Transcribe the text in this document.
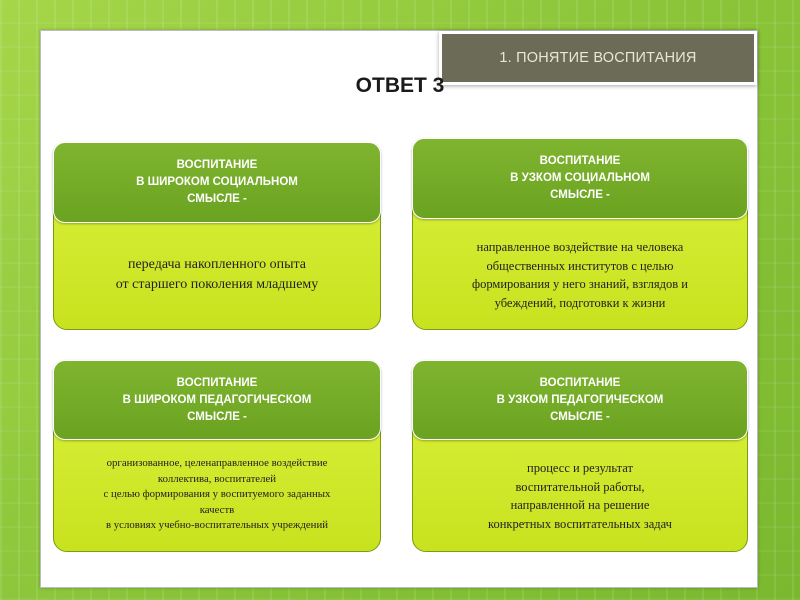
1. ПОНЯТИЕ ВОСПИТАНИЯ
ОТВЕТ 3
передача накопленного опыта
от старшего поколения младшему
ВОСПИТАНИЕ
В ШИРОКОМ СОЦИАЛЬНОМ
СМЫСЛЕ -
направленное воздействие на человека
общественных институтов с целью
формирования у него знаний, взглядов и
убеждений, подготовки к жизни
ВОСПИТАНИЕ
В УЗКОМ СОЦИАЛЬНОМ
СМЫСЛЕ -
организованное, целенаправленное воздействие
коллектива, воспитателей
с целью формирования у воспитуемого заданных
качеств
в условиях учебно-воспитательных учреждений
ВОСПИТАНИЕ
В ШИРОКОМ ПЕДАГОГИЧЕСКОМ
СМЫСЛЕ -
процесс и результат
воспитательной работы,
направленной на решение
конкретных воспитательных задач
ВОСПИТАНИЕ
В УЗКОМ ПЕДАГОГИЧЕСКОМ
СМЫСЛЕ -
